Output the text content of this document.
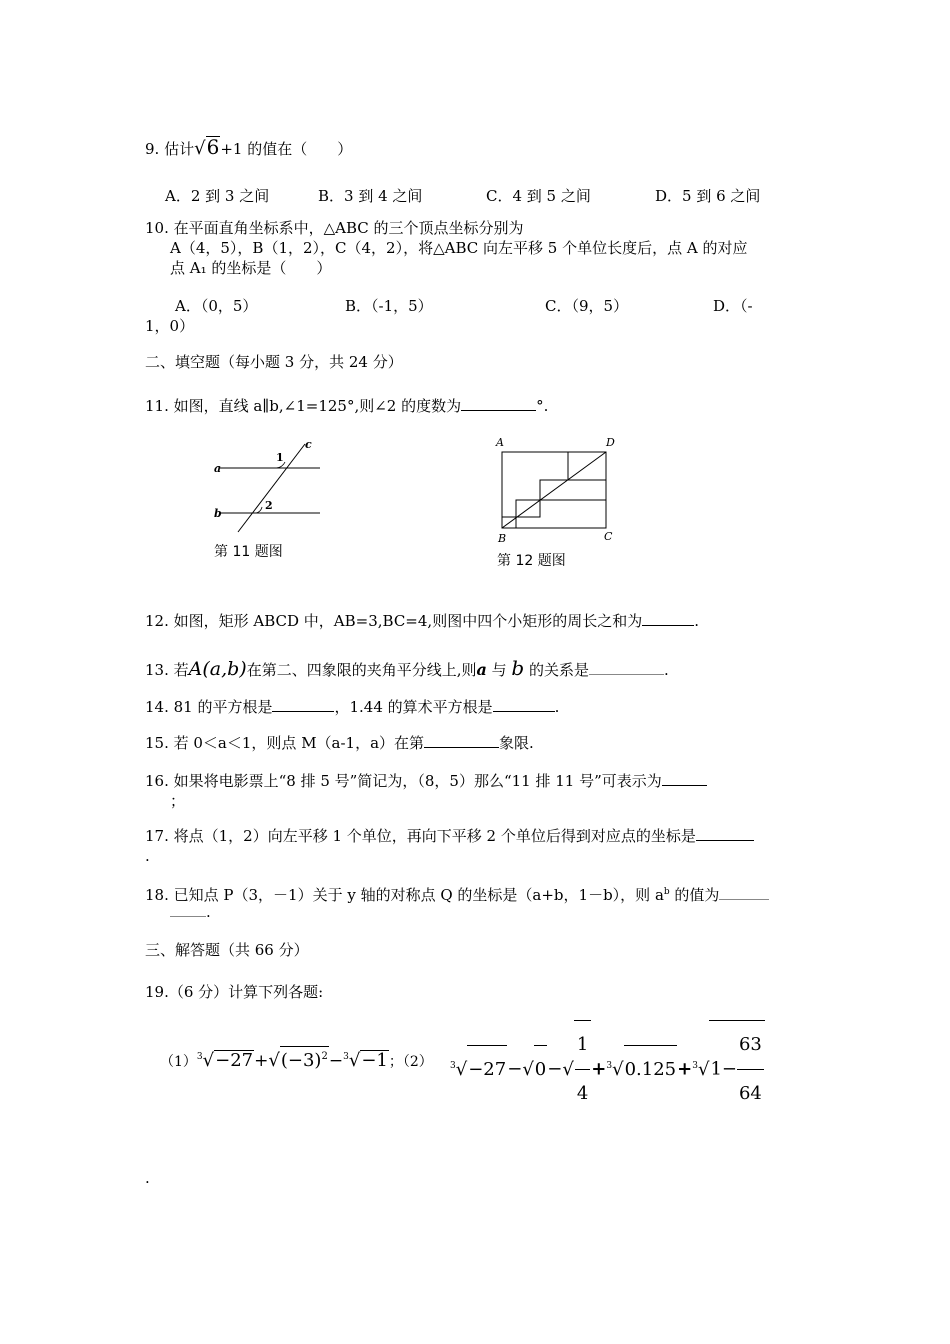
9. 估计√6+1 的值在（　　）
A．2 到 3 之间	B．3 到 4 之间	C．4 到 5 之间	D．5 到 6 之间
10. 在平面直角坐标系中，△ABC 的三个顶点坐标分别为
A（4，5），B（1，2），C（4，2），将△ABC 向左平移 5 个单位长度后，点 A 的对应
点 A₁ 的坐标是（　　）
A．（0，5）	B．（-1，5）	C．（9，5）	D．（-
1，0）
二、填空题（每小题 3 分，共 24 分）
11. 如图，直线 a∥b,∠1=125°,则∠2 的度数为	°.
c
1
a
2
b
第 11 题图
A	D
B	C
第 12 题图
12. 如图，矩形 ABCD 中，AB=3,BC=4,则图中四个小矩形的周长之和为	.
13. 若A(a,b)在第二、四象限的夹角平分线上,则a 与 b 的关系是	.
14. 81 的平方根是	，1.44 的算术平方根是	.
15. 若 0＜a＜1，则点 M（a-1，a）在第	象限.
16. 如果将电影票上“8 排 5 号”简记为，（8，5）那么“11 排 11 号”可表示为
；
17. 将点（1，2）向左平移 1 个单位，再向下平移 2 个单位后得到对应点的坐标是
.
18. 已知点 P（3，－1）关于 y 轴的对称点 Q 的坐标是（a+b，1－b），则 $a^b$ 的值为
.
三、解答题（共 66 分）
19.（6 分）计算下列各题:
$(1)^3√-27+√(-3)^2-^3√-1$；（2） $^3√-27-√0-√ \frac{1}{4} +^3√0.125+^3√1- \frac{63}{64}$
.
